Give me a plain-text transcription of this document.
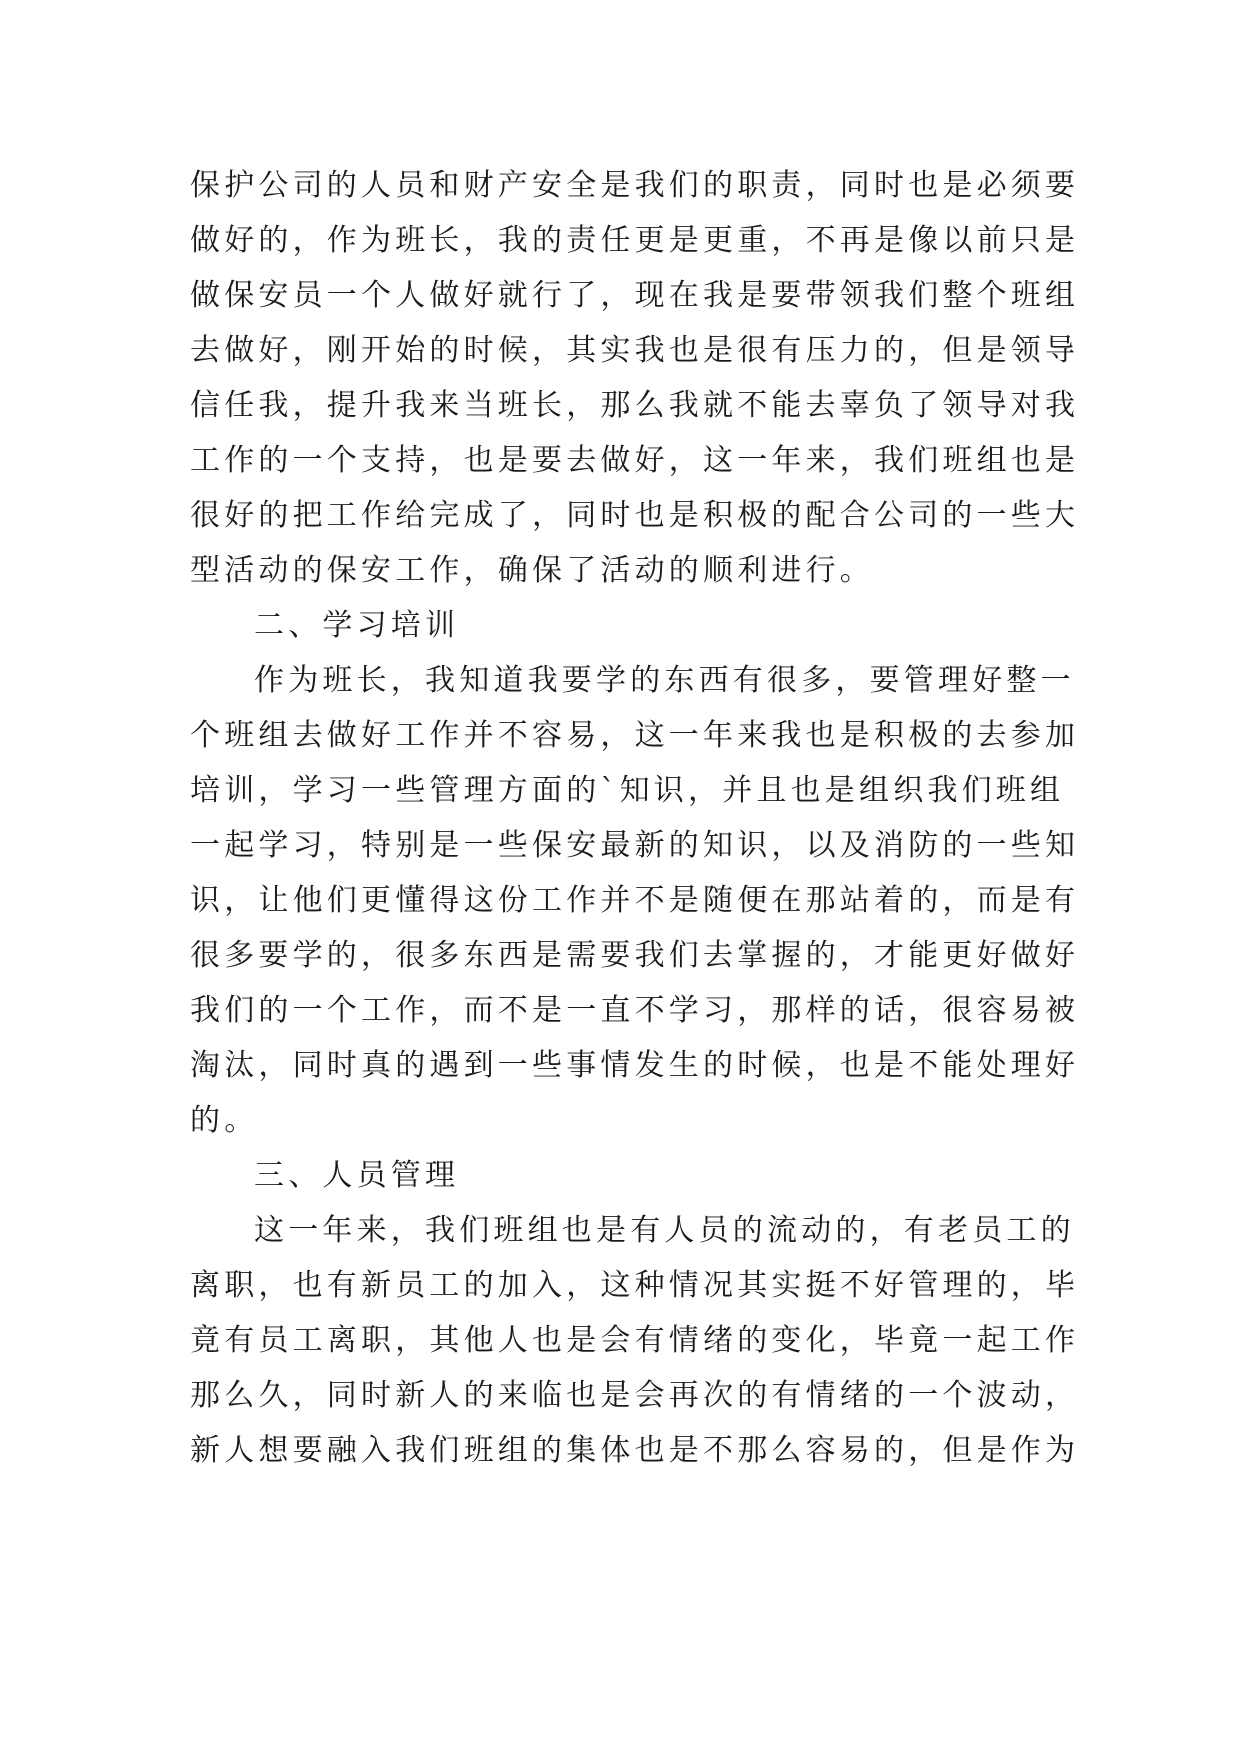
保护公司的人员和财产安全是我们的职责，同时也是必须要
做好的，作为班长，我的责任更是更重，不再是像以前只是
做保安员一个人做好就行了，现在我是要带领我们整个班组
去做好，刚开始的时候，其实我也是很有压力的，但是领导
信任我，提升我来当班长，那么我就不能去辜负了领导对我
工作的一个支持，也是要去做好，这一年来，我们班组也是
很好的把工作给完成了，同时也是积极的配合公司的一些大
型活动的保安工作，确保了活动的顺利进行。
二、学习培训
作为班长，我知道我要学的东西有很多，要管理好整一
个班组去做好工作并不容易，这一年来我也是积极的去参加
培训，学习一些管理方面的`知识，并且也是组织我们班组
一起学习，特别是一些保安最新的知识，以及消防的一些知
识，让他们更懂得这份工作并不是随便在那站着的，而是有
很多要学的，很多东西是需要我们去掌握的，才能更好做好
我们的一个工作，而不是一直不学习，那样的话，很容易被
淘汰，同时真的遇到一些事情发生的时候，也是不能处理好
的。
三、人员管理
这一年来，我们班组也是有人员的流动的，有老员工的
离职，也有新员工的加入，这种情况其实挺不好管理的，毕
竟有员工离职，其他人也是会有情绪的变化，毕竟一起工作
那么久，同时新人的来临也是会再次的有情绪的一个波动，
新人想要融入我们班组的集体也是不那么容易的，但是作为
